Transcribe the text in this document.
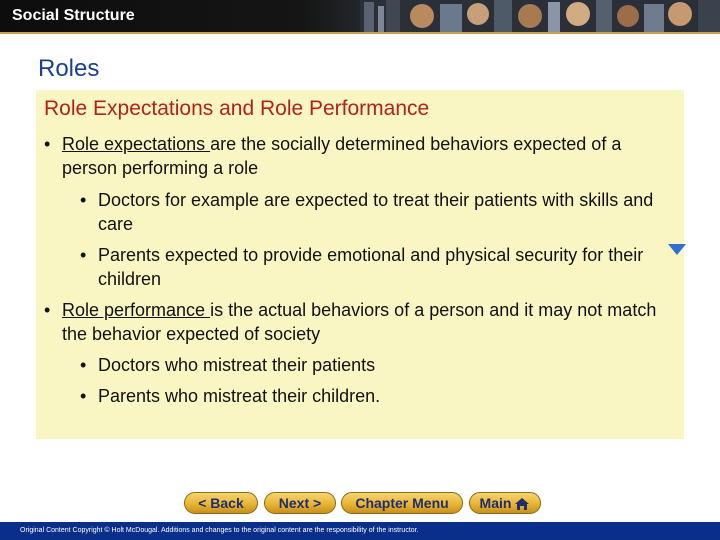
Social Structure
Roles
Role Expectations and Role Performance
• Role expectations are the socially determined behaviors expected of a person performing a role
• Doctors for example are expected to treat their patients with skills and care
• Parents expected to provide emotional and physical security for their children
• Role performance is the actual behaviors of a person and it may not match the behavior expected of society
• Doctors who mistreat their patients
• Parents who mistreat their children.
< Back	Next >	Chapter Menu	Main
Original Content Copyright © Holt McDougal. Additions and changes to the original content are the responsibility of the instructor.
